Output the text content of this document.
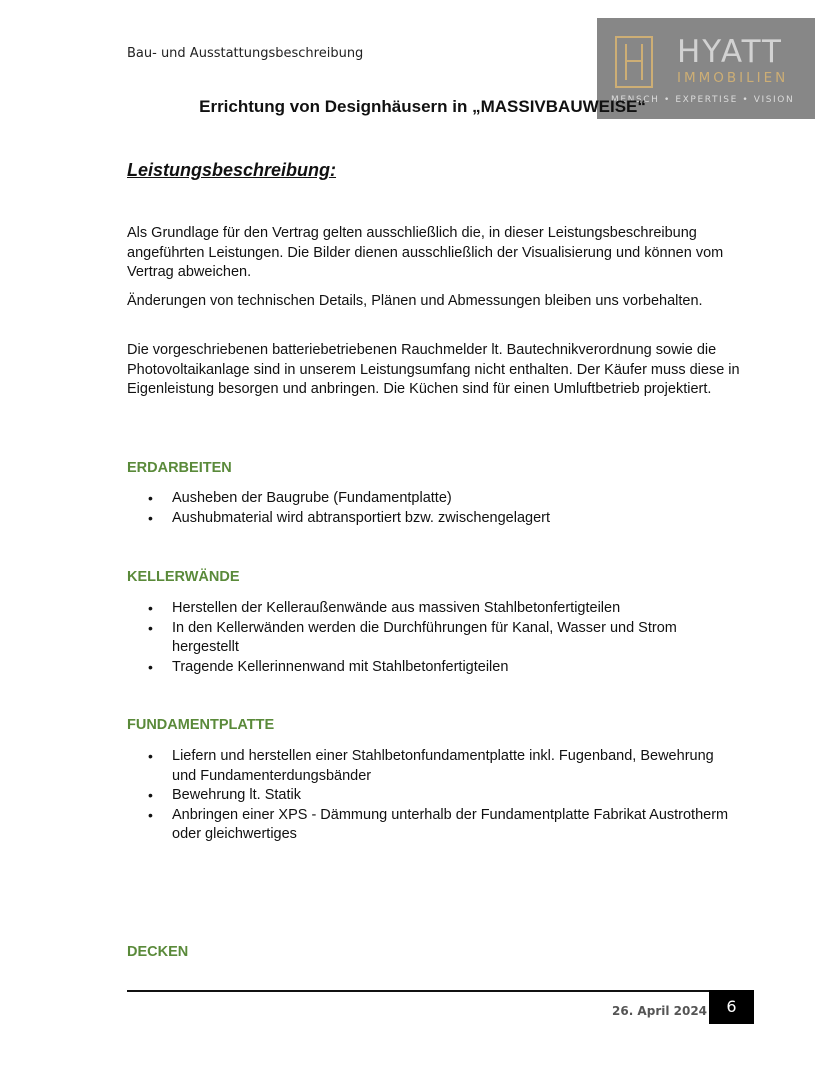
Bau- und Ausstattungsbeschreibung	HYATT
IMMOBILIEN
MENSCH • EXPERTISE • VISION
Errichtung von Designhäusern in „MASSIVBAUWEISE“
Leistungsbeschreibung:
Als Grundlage für den Vertrag gelten ausschließlich die, in dieser Leistungsbeschreibung angeführten Leistungen. Die Bilder dienen ausschließlich der Visualisierung und können vom Vertrag abweichen.
Änderungen von technischen Details, Plänen und Abmessungen bleiben uns vorbehalten.
Die vorgeschriebenen batteriebetriebenen Rauchmelder lt. Bautechnikverordnung sowie die Photovoltaikanlage sind in unserem Leistungsumfang nicht enthalten. Der Käufer muss diese in Eigenleistung besorgen und anbringen. Die Küchen sind für einen Umluftbetrieb projektiert.
ERDARBEITEN
• Ausheben der Baugrube (Fundamentplatte)
• Aushubmaterial wird abtransportiert bzw. zwischengelagert
KELLERWÄNDE
• Herstellen der Kelleraußenwände aus massiven Stahlbetonfertigteilen
• In den Kellerwänden werden die Durchführungen für Kanal, Wasser und Strom hergestellt
• Tragende Kellerinnenwand mit Stahlbetonfertigteilen
FUNDAMENTPLATTE
• Liefern und herstellen einer Stahlbetonfundamentplatte inkl. Fugenband, Bewehrung und Fundamenterdungsbänder
• Bewehrung lt. Statik
• Anbringen einer XPS - Dämmung unterhalb der Fundamentplatte Fabrikat Austrotherm oder gleichwertiges
DECKEN
26. April 2024	6
